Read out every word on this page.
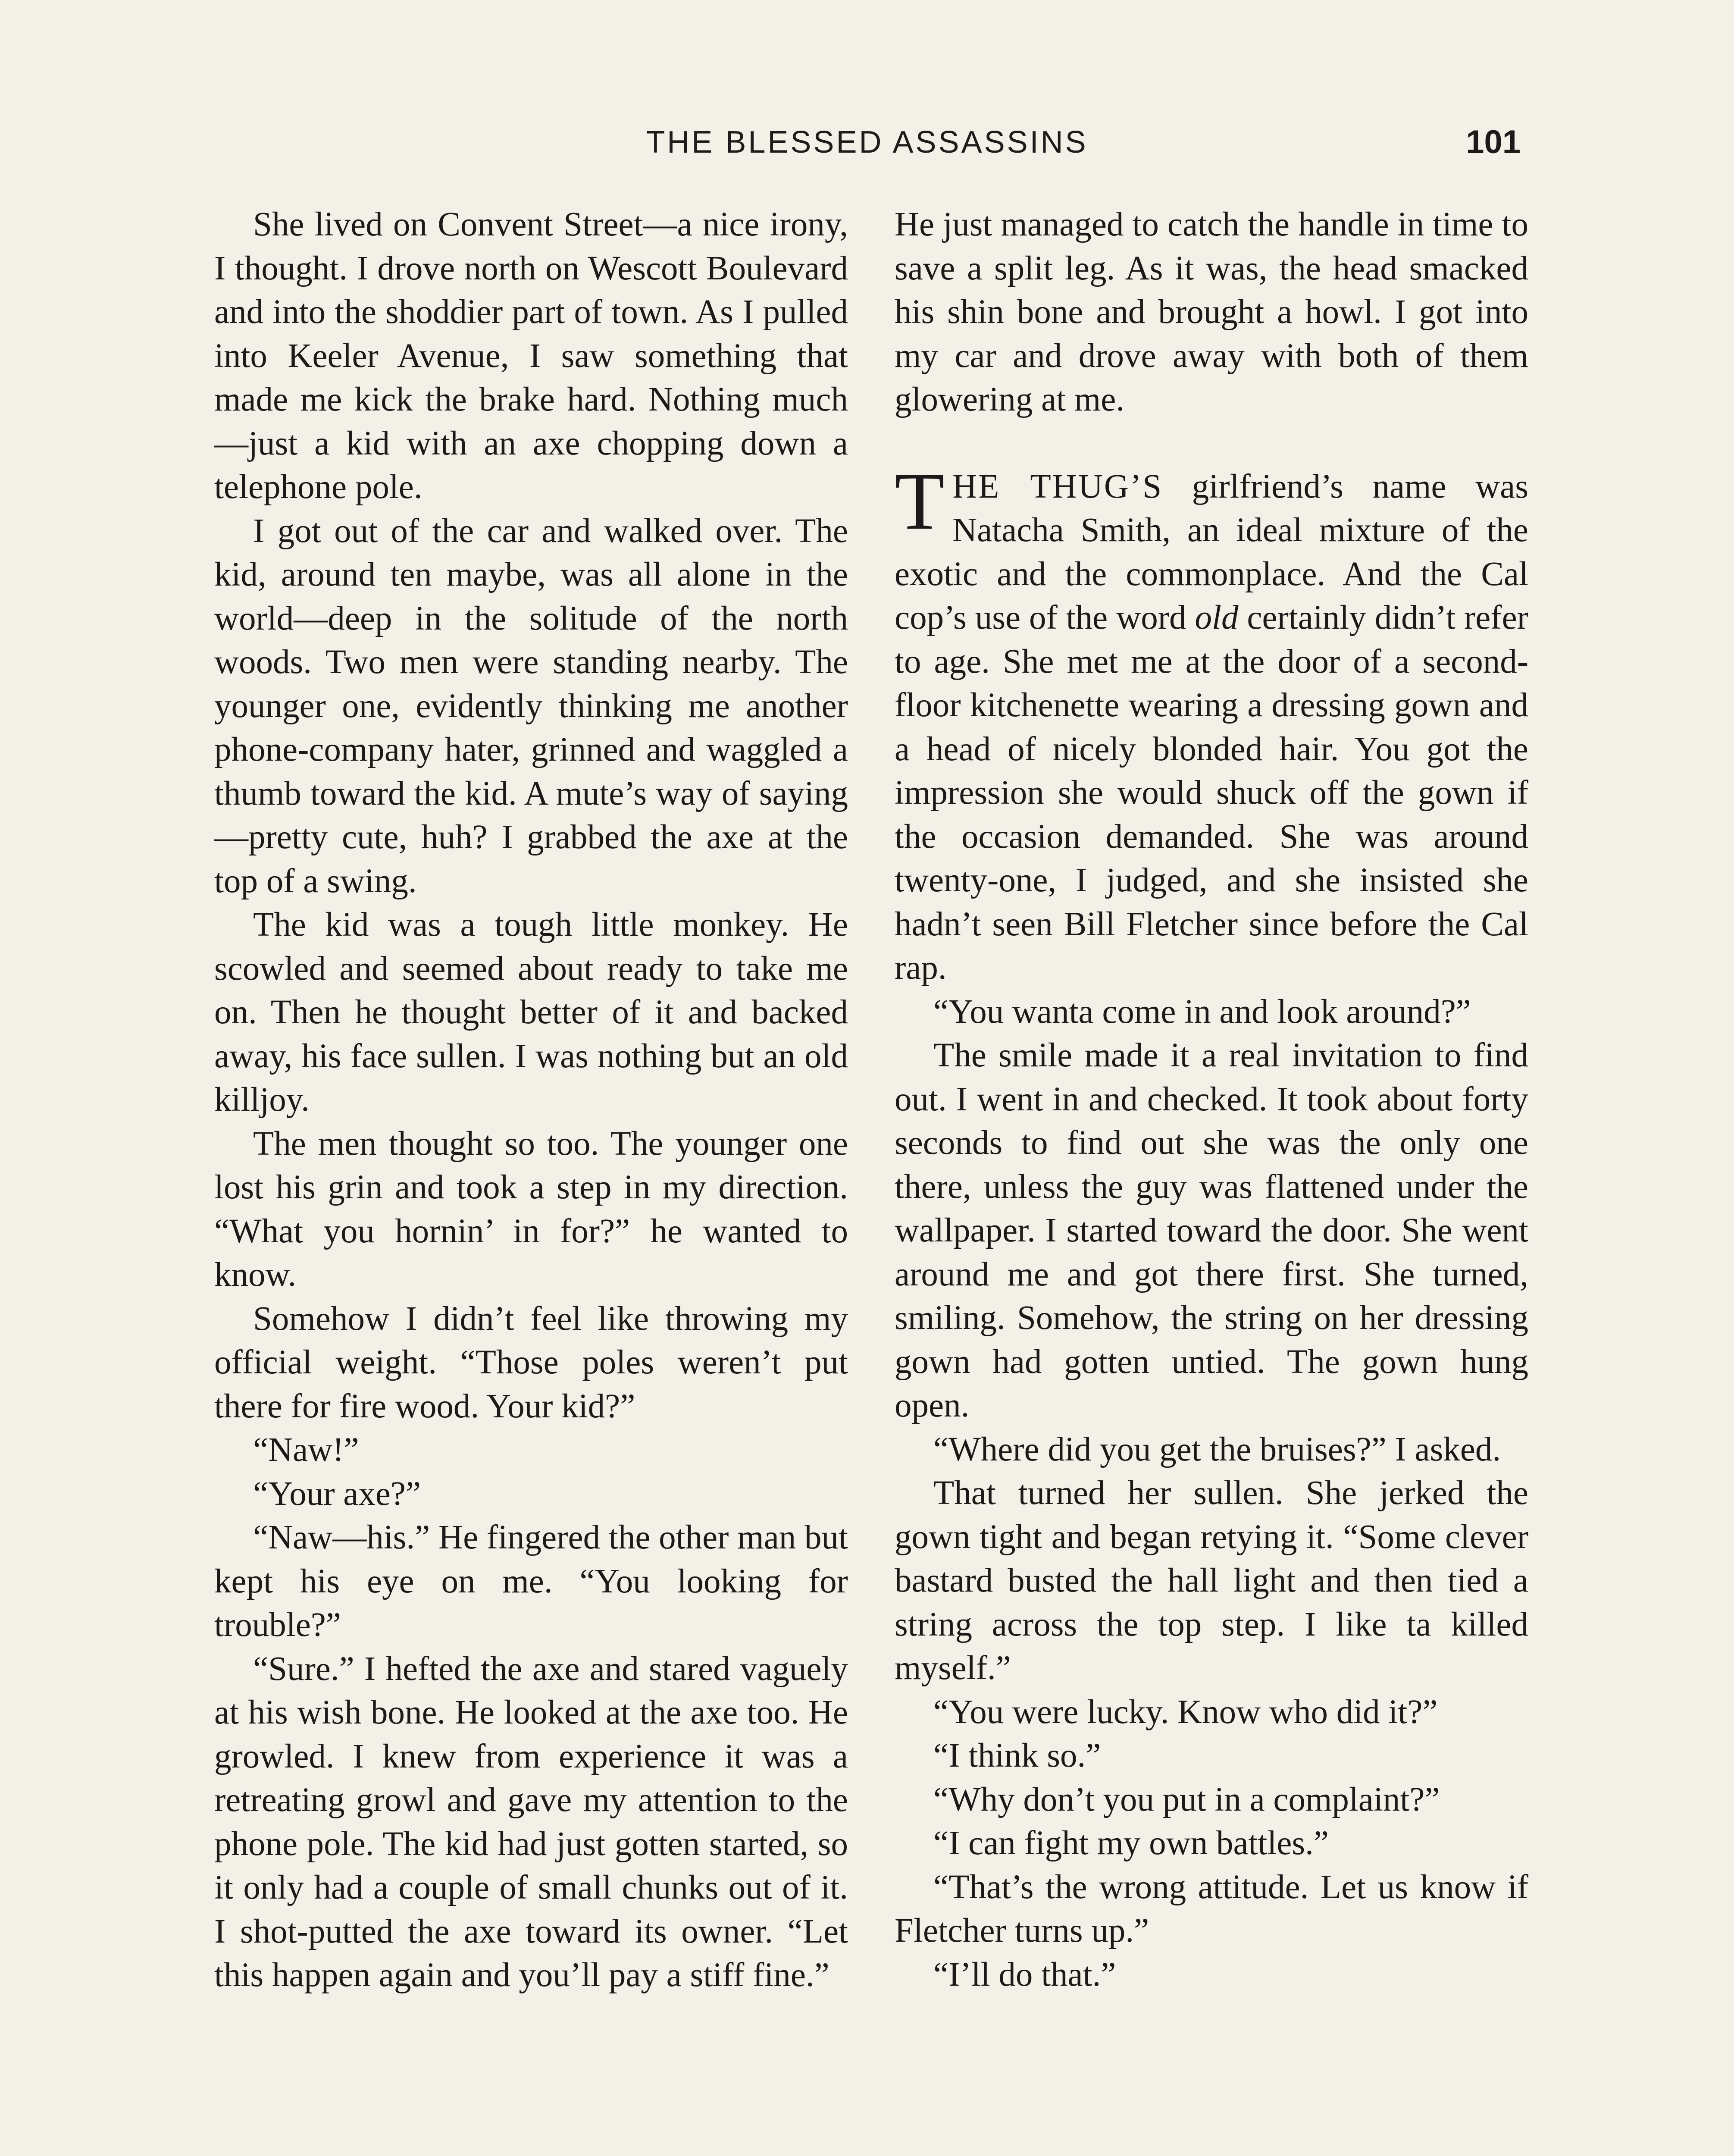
THE BLESSED ASSASSINS	101

She lived on Convent Street—a nice irony, I thought. I drove north on Wescott Boulevard and into the shoddier part of town. As I pulled into Keeler Avenue, I saw something that made me kick the brake hard. Nothing much—just a kid with an axe chopping down a telephone pole.

I got out of the car and walked over. The kid, around ten maybe, was all alone in the world—deep in the solitude of the north woods. Two men were standing nearby. The younger one, evidently thinking me another phone-company hater, grinned and waggled a thumb toward the kid. A mute’s way of saying—pretty cute, huh? I grabbed the axe at the top of a swing.

The kid was a tough little monkey. He scowled and seemed about ready to take me on. Then he thought better of it and backed away, his face sullen. I was nothing but an old killjoy.

The men thought so too. The younger one lost his grin and took a step in my direction. “What you hornin’ in for?” he wanted to know.

Somehow I didn’t feel like throwing my official weight. “Those poles weren’t put there for fire wood. Your kid?”

“Naw!”

“Your axe?”

“Naw—his.” He fingered the other man but kept his eye on me. “You looking for trouble?”

“Sure.” I hefted the axe and stared vaguely at his wish bone. He looked at the axe too. He growled. I knew from experience it was a retreating growl and gave my attention to the phone pole. The kid had just gotten started, so it only had a couple of small chunks out of it. I shot-putted the axe toward its owner. “Let this happen again and you’ll pay a stiff fine.”

He just managed to catch the handle in time to save a split leg. As it was, the head smacked his shin bone and brought a howl. I got into my car and drove away with both of them glowering at me.

THE THUG’S girlfriend’s name was Natacha Smith, an ideal mixture of the exotic and the commonplace. And the Cal cop’s use of the word old certainly didn’t refer to age. She met me at the door of a second-floor kitchenette wearing a dressing gown and a head of nicely blonded hair. You got the impression she would shuck off the gown if the occasion demanded. She was around twenty-one, I judged, and she insisted she hadn’t seen Bill Fletcher since before the Cal rap.

“You wanta come in and look around?”

The smile made it a real invitation to find out. I went in and checked. It took about forty seconds to find out she was the only one there, unless the guy was flattened under the wallpaper. I started toward the door. She went around me and got there first. She turned, smiling. Somehow, the string on her dressing gown had gotten untied. The gown hung open.

“Where did you get the bruises?” I asked.

That turned her sullen. She jerked the gown tight and began retying it. “Some clever bastard busted the hall light and then tied a string across the top step. I like ta killed myself.”

“You were lucky. Know who did it?”

“I think so.”

“Why don’t you put in a complaint?”

“I can fight my own battles.”

“That’s the wrong attitude. Let us know if Fletcher turns up.”

“I’ll do that.”
